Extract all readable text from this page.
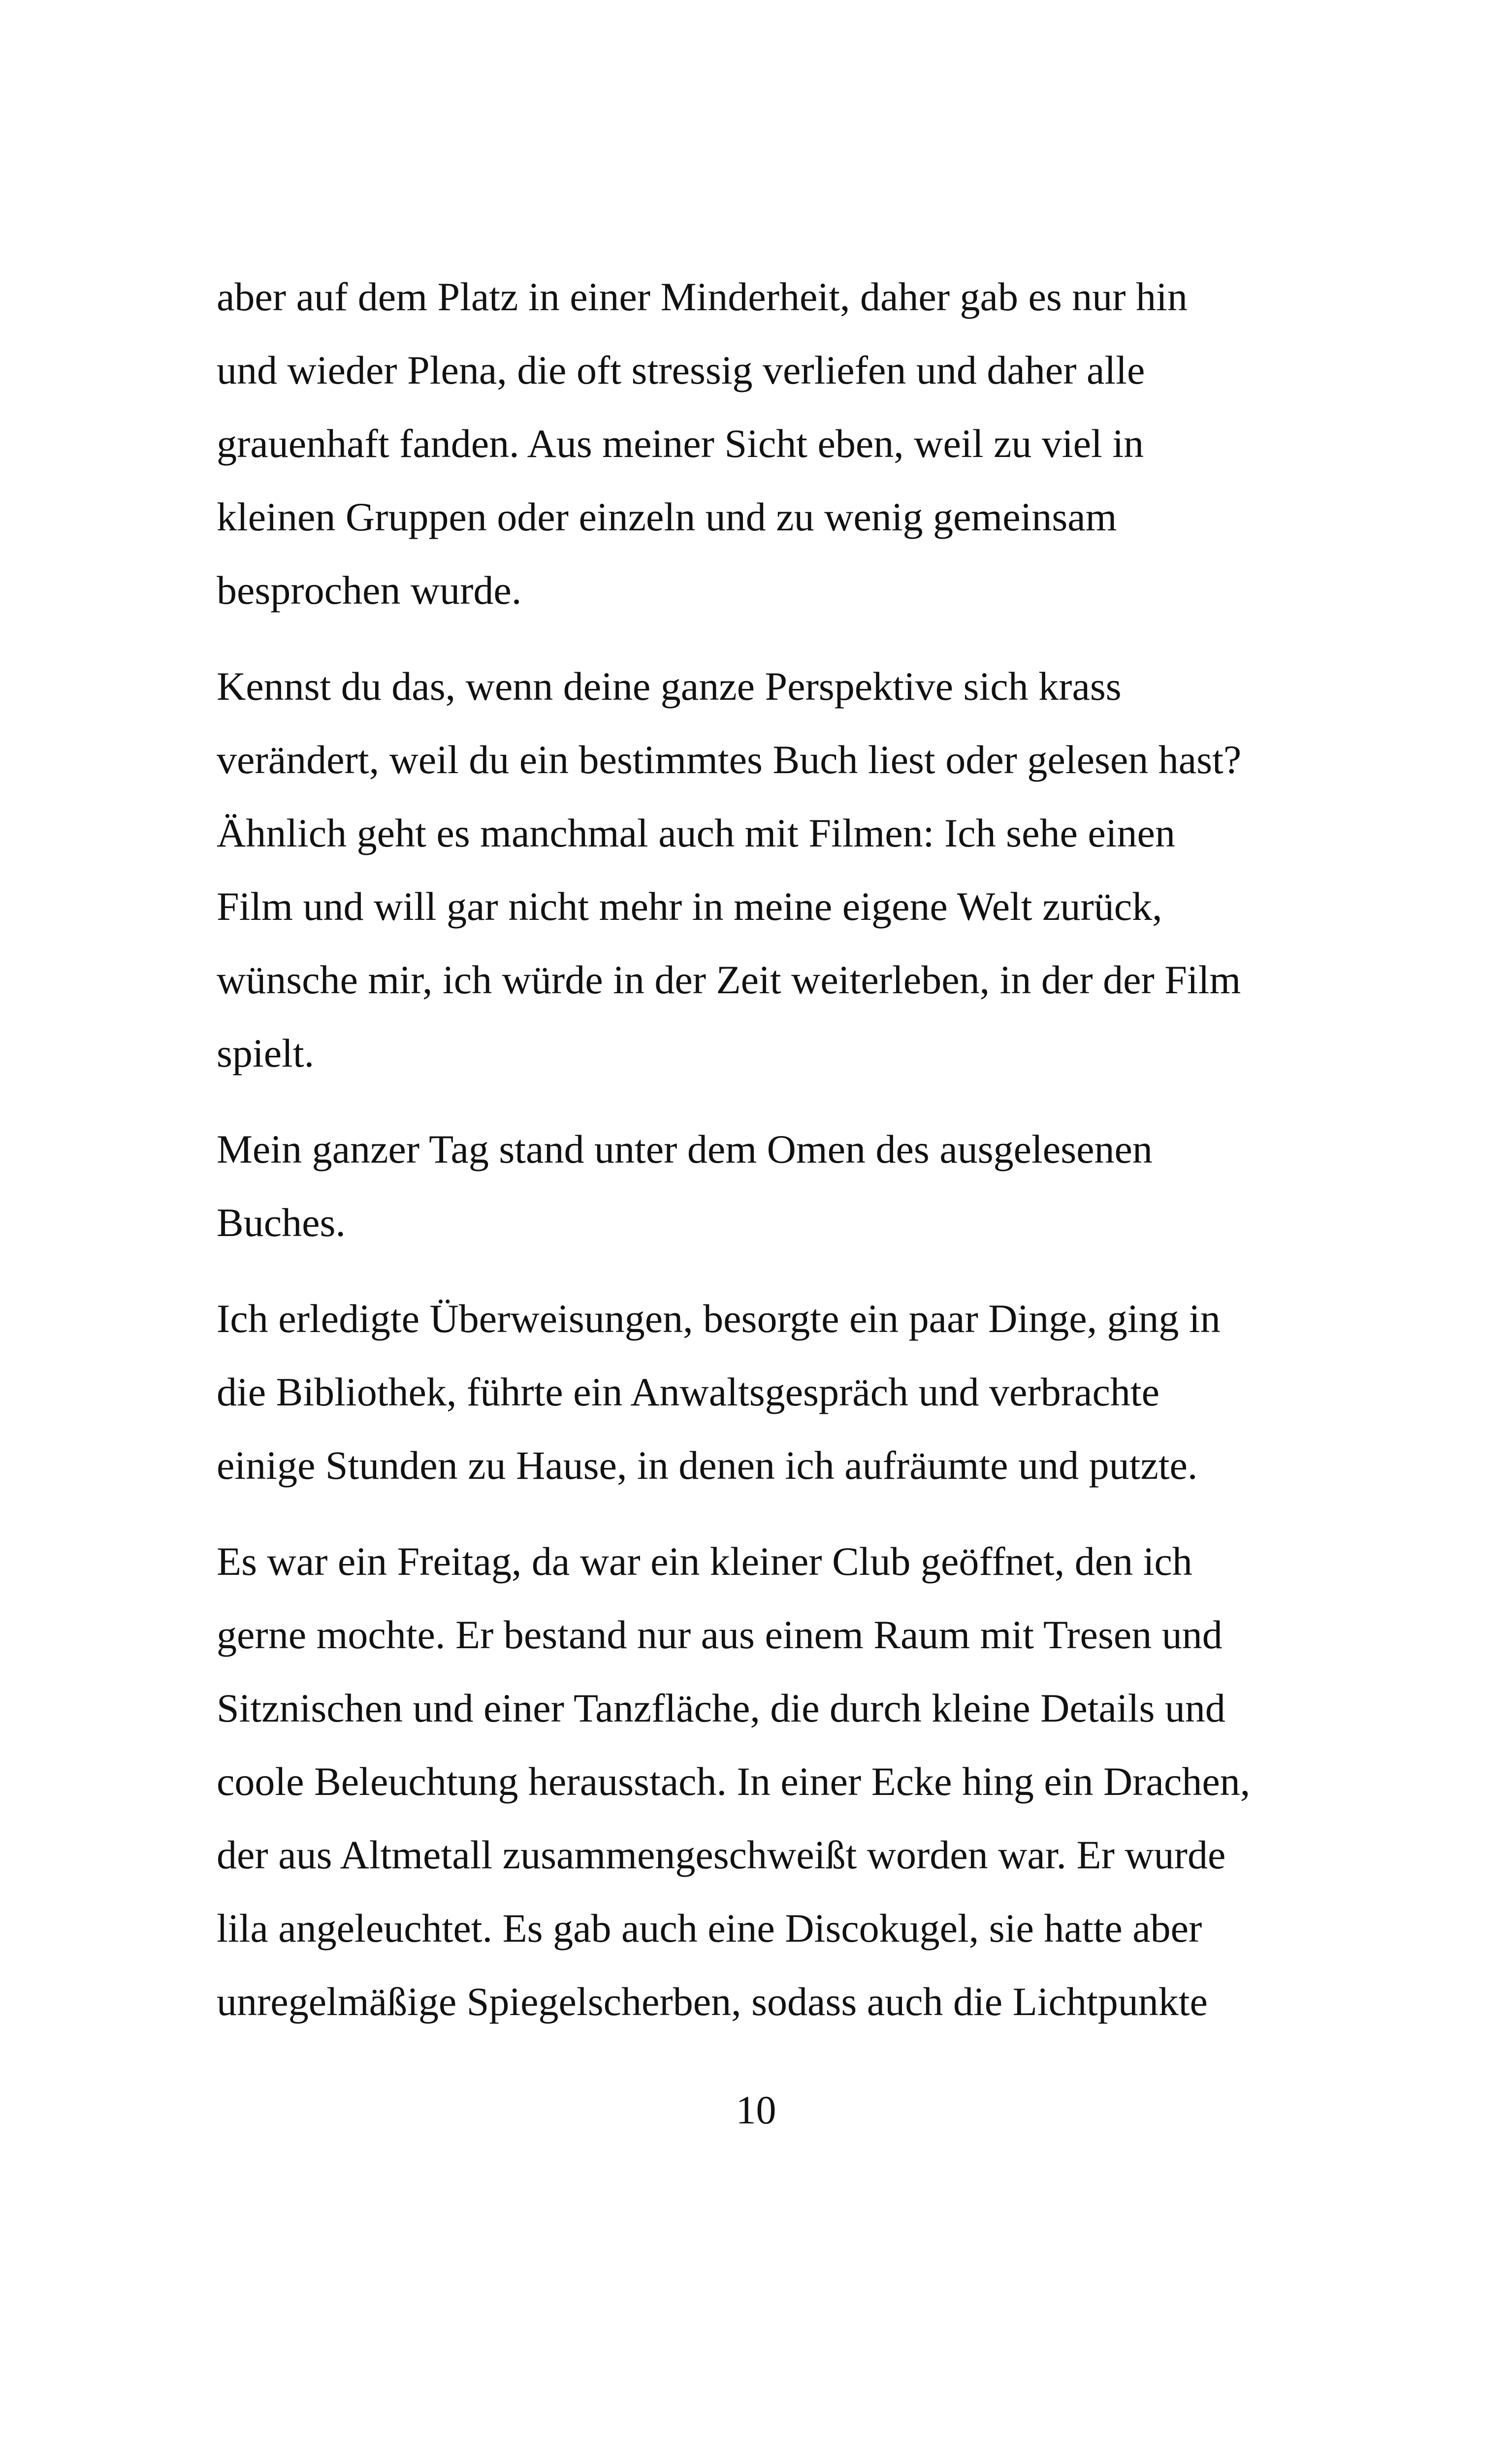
aber auf dem Platz in einer Minderheit, daher gab es nur hin
und wieder Plena, die oft stressig verliefen und daher alle
grauenhaft fanden. Aus meiner Sicht eben, weil zu viel in
kleinen Gruppen oder einzeln und zu wenig gemeinsam
besprochen wurde.

Kennst du das, wenn deine ganze Perspektive sich krass
verändert, weil du ein bestimmtes Buch liest oder gelesen hast?
Ähnlich geht es manchmal auch mit Filmen: Ich sehe einen
Film und will gar nicht mehr in meine eigene Welt zurück,
wünsche mir, ich würde in der Zeit weiterleben, in der der Film
spielt.

Mein ganzer Tag stand unter dem Omen des ausgelesenen
Buches.

Ich erledigte Überweisungen, besorgte ein paar Dinge, ging in
die Bibliothek, führte ein Anwaltsgespräch und verbrachte
einige Stunden zu Hause, in denen ich aufräumte und putzte.

Es war ein Freitag, da war ein kleiner Club geöffnet, den ich
gerne mochte. Er bestand nur aus einem Raum mit Tresen und
Sitznischen und einer Tanzfläche, die durch kleine Details und
coole Beleuchtung herausstach. In einer Ecke hing ein Drachen,
der aus Altmetall zusammengeschweißt worden war. Er wurde
lila angeleuchtet. Es gab auch eine Discokugel, sie hatte aber
unregelmäßige Spiegelscherben, sodass auch die Lichtpunkte

10
